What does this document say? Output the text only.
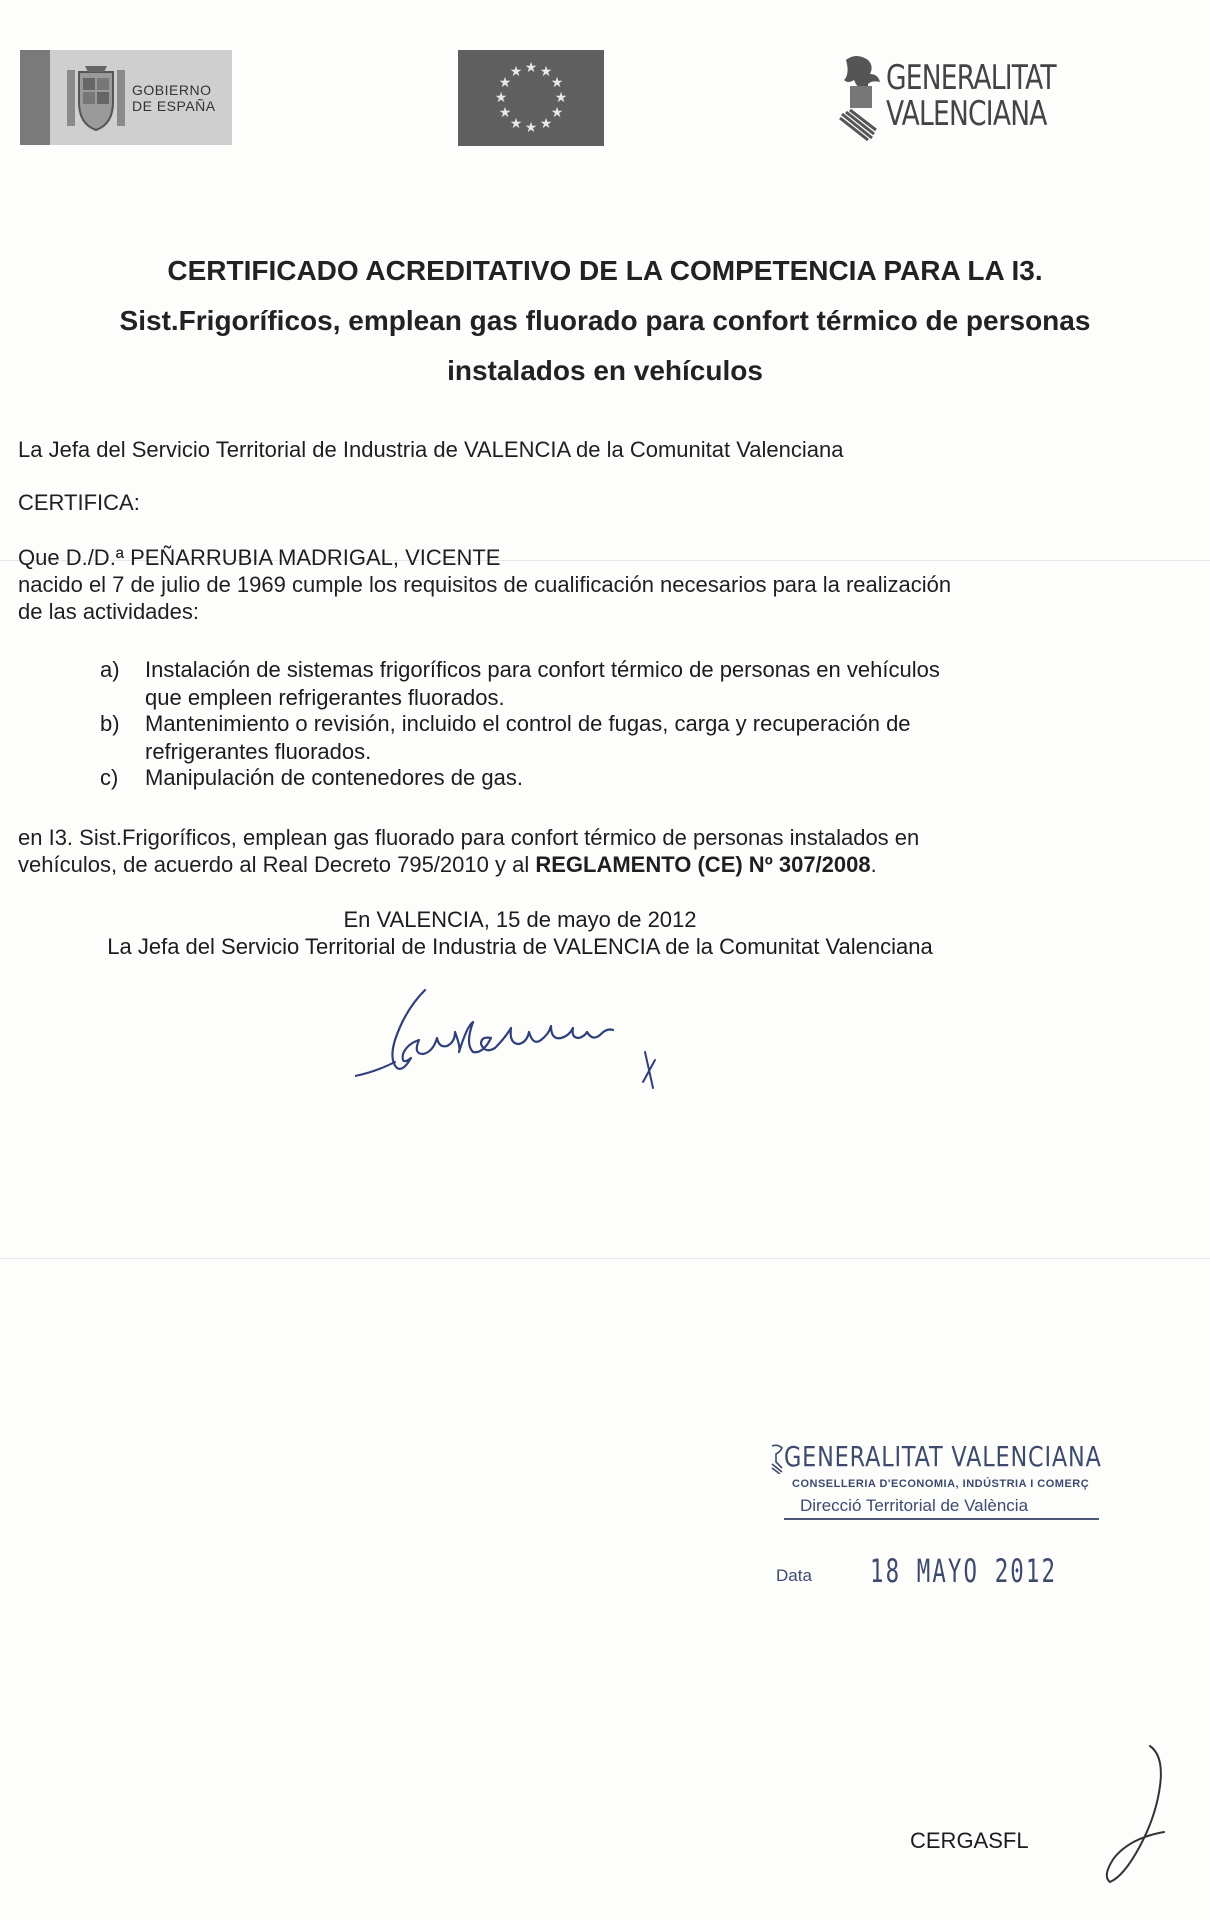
GOBIERNO
DE ESPAÑA
★ ★
★
★
★
★
★
★
★
★
★
★	GENERALITAT
VALENCIANA
CERTIFICADO ACREDITATIVO DE LA COMPETENCIA PARA LA I3.
Sist.Frigoríficos, emplean gas fluorado para confort térmico de personas
instalados en vehículos
La Jefa del Servicio Territorial de Industria de VALENCIA de la Comunitat Valenciana
CERTIFICA:
Que D./D.ª PEÑARRUBIA MADRIGAL, VICENTE
nacido el 7 de julio de 1969 cumple los requisitos de cualificación necesarios para la realización
de las actividades:
a)	Instalación de sistemas frigoríficos para confort térmico de personas en vehículos
que empleen refrigerantes fluorados.
b)	Mantenimiento o revisión, incluido el control de fugas, carga y recuperación de
refrigerantes fluorados.
c)	Manipulación de contenedores de gas.
en I3. Sist.Frigoríficos, emplean gas fluorado para confort térmico de personas instalados en
vehículos, de acuerdo al Real Decreto 795/2010 y al REGLAMENTO (CE) Nº 307/2008.
En VALENCIA, 15 de mayo de 2012
La Jefa del Servicio Territorial de Industria de VALENCIA de la Comunitat Valenciana
GENERALITAT VALENCIANA
CONSELLERIA D'ECONOMIA, INDÚSTRIA I COMERÇ
Direcció Territorial de València
Data 18 MAYO 2012
CERGASFL
